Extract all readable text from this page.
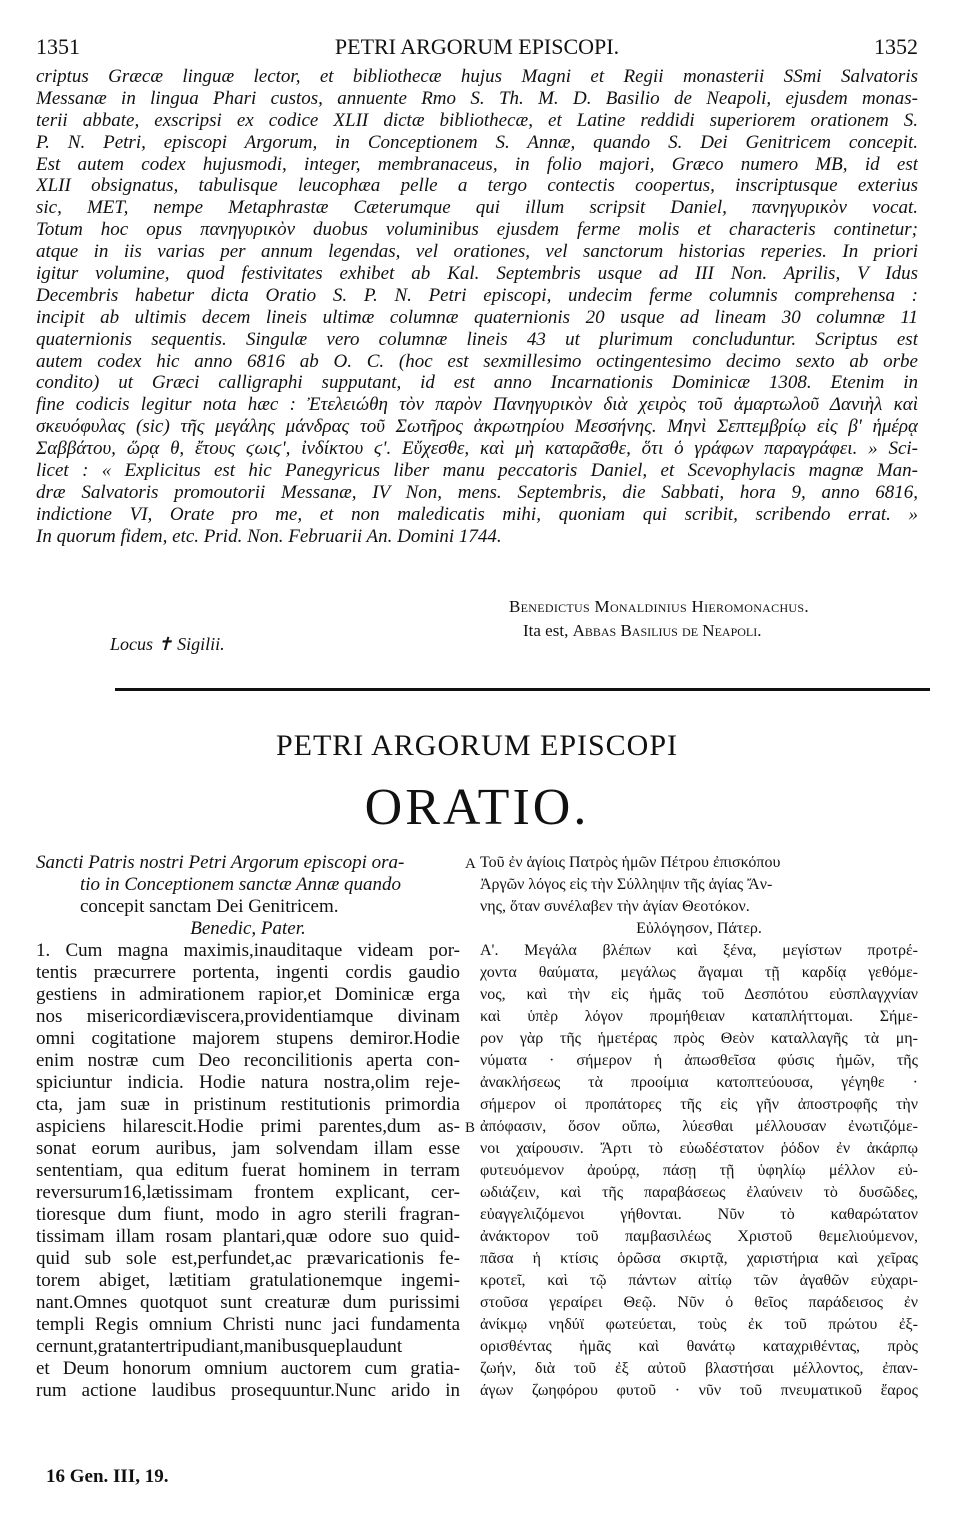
1351	PETRI ARGORUM EPISCOPI.	1352
criptus Græcæ linguæ lector, et bibliothecæ hujus Magni et Regii monasterii SSmi Salvatoris
Messanæ in lingua Phari custos, annuente Rmo S. Th. M. D. Basilio de Neapoli, ejusdem monas-
terii abbate, exscripsi ex codice XLII dictæ bibliothecæ, et Latine reddidi superiorem orationem S.
P. N. Petri, episcopi Argorum, in Conceptionem S. Annæ, quando S. Dei Genitricem concepit.
Est autem codex hujusmodi, integer, membranaceus, in folio majori, Græco numero MB, id est
XLII obsignatus, tabulisque leucophæa pelle a tergo contectis coopertus, inscriptusque exterius
sic, MET, nempe Metaphrastæ Cæterumque qui illum scripsit Daniel, πανηγυρικὸν vocat.
Totum hoc opus πανηγυρικὸν duobus voluminibus ejusdem ferme molis et characteris continetur;
atque in iis varias per annum legendas, vel orationes, vel sanctorum historias reperies. In priori
igitur volumine, quod festivitates exhibet ab Kal. Septembris usque ad III Non. Aprilis, V Idus
Decembris habetur dicta Oratio S. P. N. Petri episcopi, undecim ferme columnis comprehensa :
incipit ab ultimis decem lineis ultimæ columnæ quaternionis 20 usque ad lineam 30 columnæ 11
quaternionis sequentis. Singulæ vero columnæ lineis 43 ut plurimum concluduntur. Scriptus est
autem codex hic anno 6816 ab O. C. (hoc est sexmillesimo octingentesimo decimo sexto ab orbe
condito) ut Græci calligraphi supputant, id est anno Incarnationis Dominicæ 1308. Etenim in
fine codicis legitur nota hæc : Ἐτελειώθη τὸν παρὸν Πανηγυρικὸν διὰ χειρὸς τοῦ ἁμαρτωλοῦ Δανιὴλ καὶ
σκευόφυλας (sic) τῆς μεγάλης μάνδρας τοῦ Σωτῆρος ἀκρωτηρίου Μεσσήνης. Μηνὶ Σεπτεμβρίῳ εἰς β' ἡμέρᾳ
Σαββάτου, ὥρᾳ θ, ἔτους ϛωιϛ', ἰνδίκτου ϛ'. Εὔχεσθε, καὶ μὴ καταρᾶσθε, ὅτι ὁ γράφων παραγράφει. » Sci-
licet : « Explicitus est hic Panegyricus liber manu peccatoris Daniel, et Scevophylacis magnæ Man-
dræ Salvatoris promoutorii Messanæ, IV Non, mens. Septembris, die Sabbati, hora 9, anno 6816,
indictione VI, Orate pro me, et non maledicatis mihi, quoniam qui scribit, scribendo errat. »
In quorum fidem, etc. Prid. Non. Februarii An. Domini 1744.
Benedictus Monaldinius Hieromonachus.
Ita est, Abbas Basilius de Neapoli.
Locus ✝ Sigilii.
PETRI ARGORUM EPISCOPI
ORATIO.
Sancti Patris nostri Petri Argorum episcopi ora-
tio in Conceptionem sanctæ Annæ quando
concepit sanctam Dei Genitricem.
Benedic, Pater.
1. Cum magna maximis,inauditaque videam por-
tentis præcurrere portenta, ingenti cordis gaudio
gestiens in admirationem rapior,et Dominicæ erga
nos misericordiæviscera,providentiamque divinam
omni cogitatione majorem stupens demiror.Hodie
enim nostræ cum Deo reconcilitionis aperta con-
spiciuntur indicia. Hodie natura nostra,olim reje-
cta, jam suæ in pristinum restitutionis primordia
aspiciens hilarescit.Hodie primi parentes,dum as-
sonat eorum auribus, jam solvendam illam esse
sententiam, qua editum fuerat hominem in terram
reversurum16,lætissimam frontem explicant, cer-
tioresque dum fiunt, modo in agro sterili fragran-
tissimam illam rosam plantari,quæ odore suo quid-
quid sub sole est,perfundet,ac prævaricationis fe-
torem abiget, lætitiam gratulationemque ingemi-
nant.Omnes quotquot sunt creaturæ dum purissimi
templi Regis omnium Christi nunc jaci fundamenta
cernunt,gratantertripudiant,manibusqueplaudunt
et Deum honorum omnium auctorem cum gratia-
rum actione laudibus prosequuntur.Nunc arido in
A
B
Τοῦ ἐν ἁγίοις Πατρὸς ἡμῶν Πέτρου ἐπισκόπου
Ἀργῶν λόγος εἰς τὴν Σύλληψιν τῆς ἁγίας Ἄν-
νης, ὅταν συνέλαβεν τὴν ἁγίαν Θεοτόκον.
Εὐλόγησον, Πάτερ.
Α'. Μεγάλα βλέπων καὶ ξένα, μεγίστων προτρέ-
χοντα θαύματα, μεγάλως ἄγαμαι τῇ καρδίᾳ γεθόμε-
νος, καὶ τὴν εἰς ἡμᾶς τοῦ Δεσπότου εὐσπλαγχνίαν
καὶ ὑπὲρ λόγον προμήθειαν καταπλήττομαι. Σήμε-
ρον γὰρ τῆς ἡμετέρας πρὸς Θεὸν καταλλαγῆς τὰ μη-
νύματα · σήμερον ἡ ἀπωσθεῖσα φύσις ἡμῶν, τῆς
ἀνακλήσεως τὰ προοίμια κατοπτεύουσα, γέγηθε ·
σήμερον οἱ προπάτορες τῆς εἰς γῆν ἀποστροφῆς τὴν
ἀπόφασιν, ὅσον οὔπω, λύεσθαι μέλλουσαν ἐνωτιζόμε-
νοι χαίρουσιν. Ἄρτι τὸ εὐωδέστατον ῥόδον ἐν ἀκάρπῳ
φυτευόμενον ἀρούρᾳ, πάσῃ τῇ ὑφηλίῳ μέλλον εὐ-
ωδιάζειν, καὶ τῆς παραβάσεως ἐλαύνειν τὸ δυσῶδες,
εὐαγγελιζόμενοι γήθονται. Νῦν τὸ καθαρώτατον
ἀνάκτορον τοῦ παμβασιλέως Χριστοῦ θεμελιούμενον,
πᾶσα ἡ κτίσις ὁρῶσα σκιρτᾷ, χαριστήρια καὶ χεῖρας
κροτεῖ, καὶ τῷ πάντων αἰτίῳ τῶν ἀγαθῶν εὐχαρι-
στοῦσα γεραίρει Θεῷ. Νῦν ὁ θεῖος παράδεισος ἐν
ἀνίκμῳ νηδύϊ φωτεύεται, τοὺς ἐκ τοῦ πρώτου ἐξ-
ορισθέντας ἡμᾶς καὶ θανάτῳ καταχριθέντας, πρὸς
ζωήν, διὰ τοῦ ἐξ αὐτοῦ βλαστήσαι μέλλοντος, ἐπαν-
άγων ζωηφόρου φυτοῦ · νῦν τοῦ πνευματικοῦ ἔαρος
16 Gen. III, 19.
